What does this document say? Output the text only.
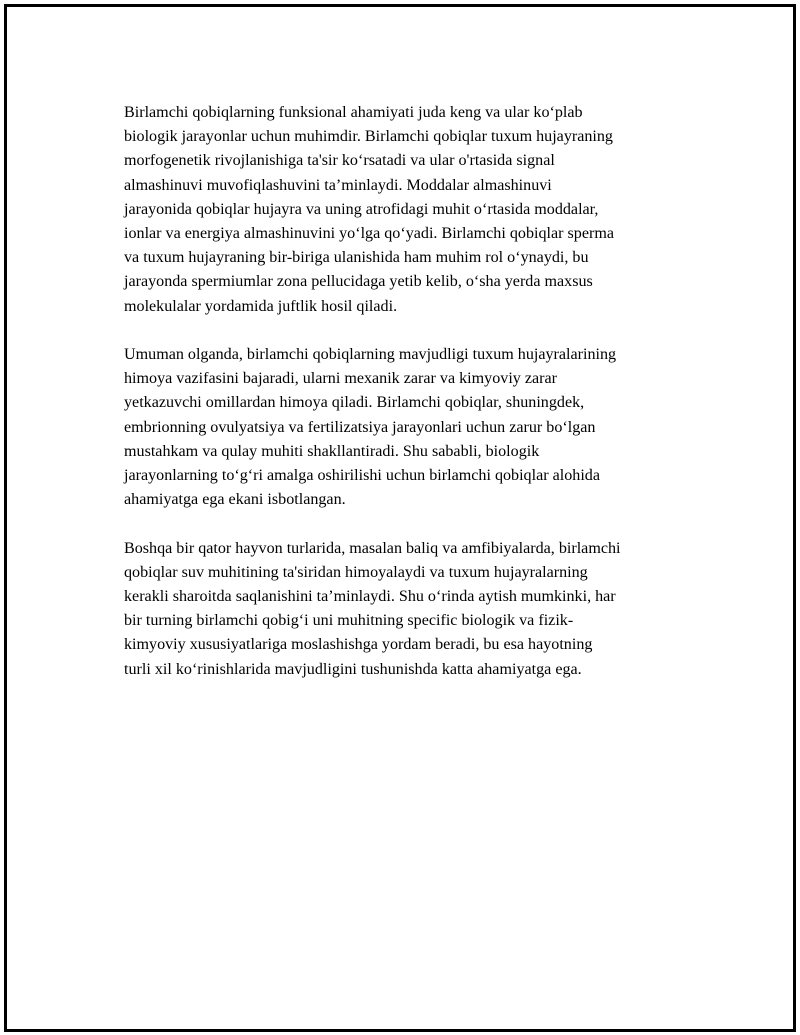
Birlamchi qobiqlarning funksional ahamiyati juda keng va ular koʻplab
biologik jarayonlar uchun muhimdir. Birlamchi qobiqlar tuxum hujayraning
morfogenetik rivojlanishiga ta'sir koʻrsatadi va ular o'rtasida signal
almashinuvi muvofiqlashuvini ta’minlaydi. Moddalar almashinuvi
jarayonida qobiqlar hujayra va uning atrofidagi muhit oʻrtasida moddalar,
ionlar va energiya almashinuvini yoʻlga qoʻyadi. Birlamchi qobiqlar sperma
va tuxum hujayraning bir-biriga ulanishida ham muhim rol oʻynaydi, bu
jarayonda spermiumlar zona pellucidaga yetib kelib, oʻsha yerda maxsus
molekulalar yordamida juftlik hosil qiladi.

Umuman olganda, birlamchi qobiqlarning mavjudligi tuxum hujayralarining
himoya vazifasini bajaradi, ularni mexanik zarar va kimyoviy zarar
yetkazuvchi omillardan himoya qiladi. Birlamchi qobiqlar, shuningdek,
embrionning ovulyatsiya va fertilizatsiya jarayonlari uchun zarur boʻlgan
mustahkam va qulay muhiti shakllantiradi. Shu sababli, biologik
jarayonlarning toʻgʻri amalga oshirilishi uchun birlamchi qobiqlar alohida
ahamiyatga ega ekani isbotlangan.

Boshqa bir qator hayvon turlarida, masalan baliq va amfibiyalarda, birlamchi
qobiqlar suv muhitining ta'siridan himoyalaydi va tuxum hujayralarning
kerakli sharoitda saqlanishini ta’minlaydi. Shu oʻrinda aytish mumkinki, har
bir turning birlamchi qobigʻi uni muhitning specific biologik va fizik-
kimyoviy xususiyatlariga moslashishga yordam beradi, bu esa hayotning
turli xil koʻrinishlarida mavjudligini tushunishda katta ahamiyatga ega.
